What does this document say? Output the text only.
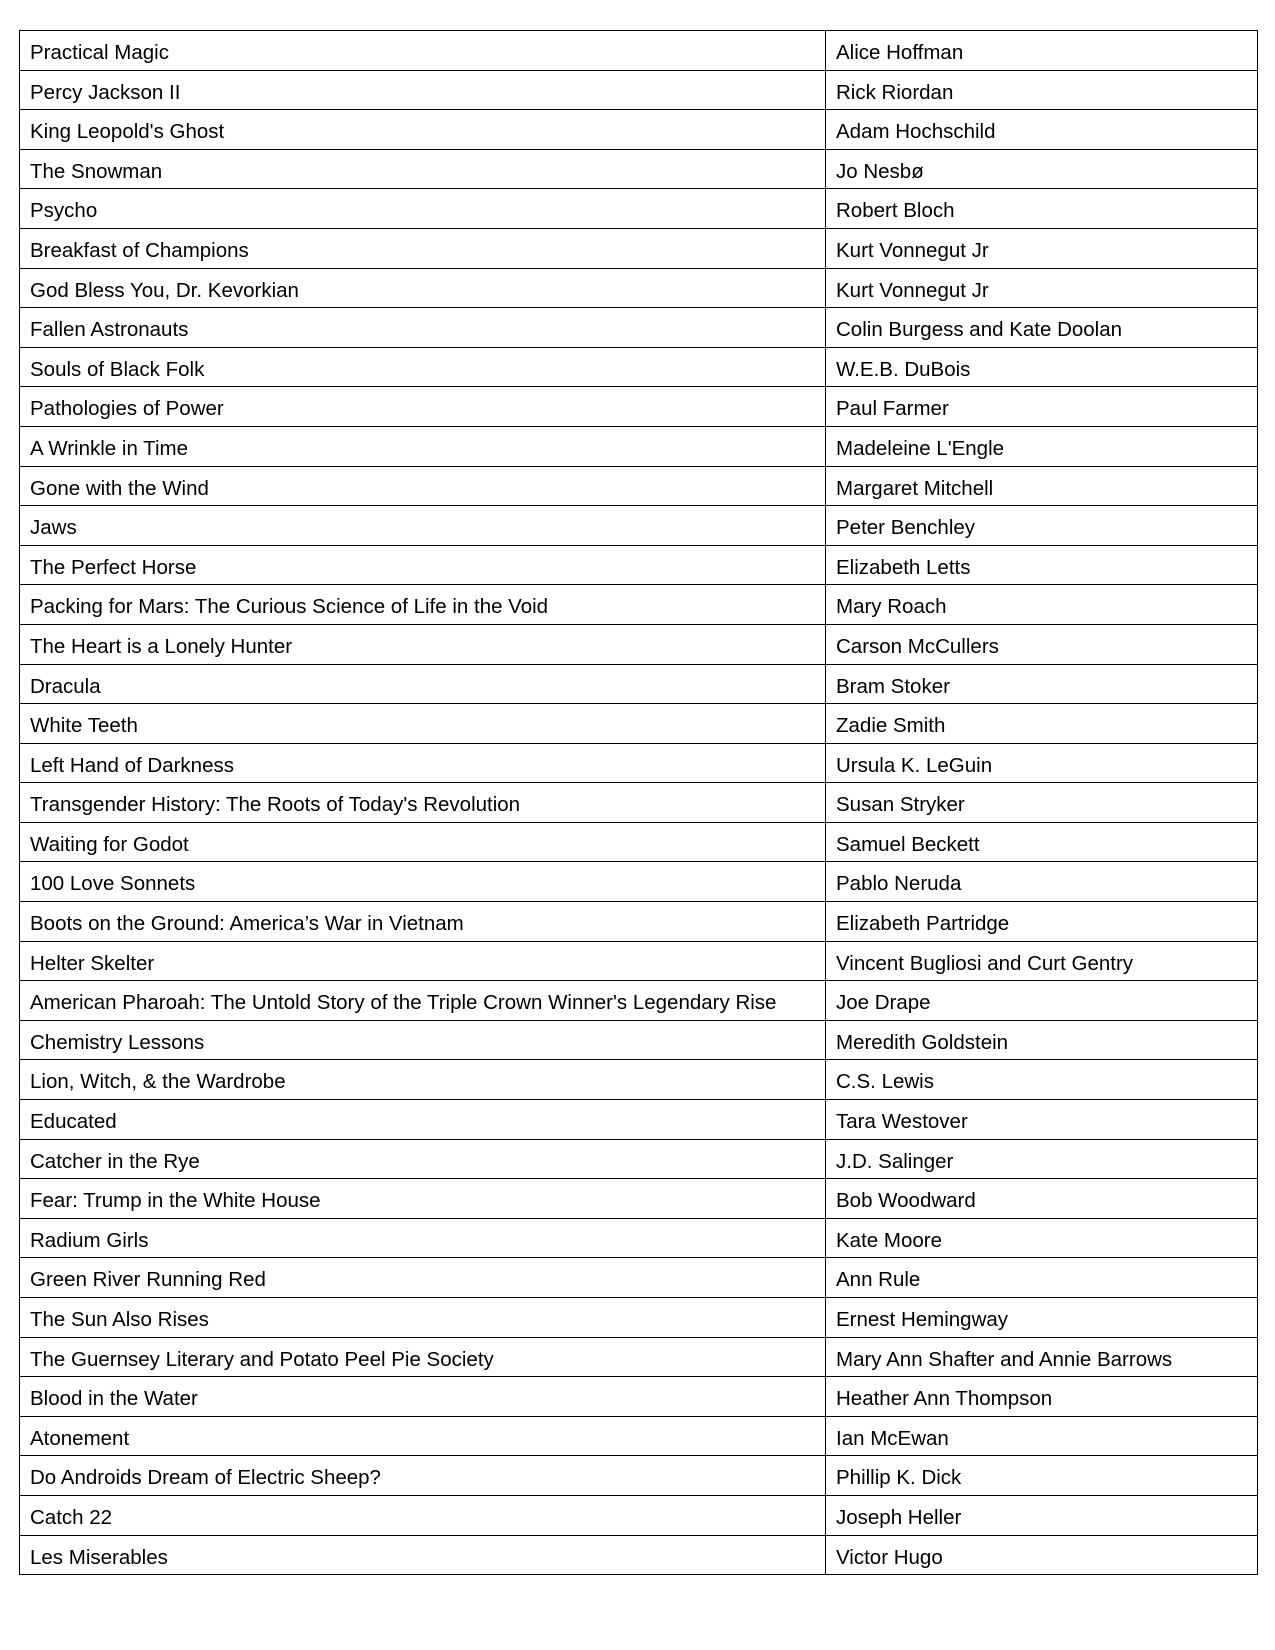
Practical Magic	Alice Hoffman
Percy Jackson II	Rick Riordan
King Leopold's Ghost	Adam Hochschild
The Snowman	Jo Nesbø
Psycho	Robert Bloch
Breakfast of Champions	Kurt Vonnegut Jr
God Bless You, Dr. Kevorkian	Kurt Vonnegut Jr
Fallen Astronauts	Colin Burgess and Kate Doolan
Souls of Black Folk	W.E.B. DuBois
Pathologies of Power	Paul Farmer
A Wrinkle in Time	Madeleine L'Engle
Gone with the Wind	Margaret Mitchell
Jaws	Peter Benchley
The Perfect Horse	Elizabeth Letts
Packing for Mars: The Curious Science of Life in the Void	Mary Roach
The Heart is a Lonely Hunter	Carson McCullers
Dracula	Bram Stoker
White Teeth	Zadie Smith
Left Hand of Darkness	Ursula K. LeGuin
Transgender History: The Roots of Today's Revolution	Susan Stryker
Waiting for Godot	Samuel Beckett
100 Love Sonnets	Pablo Neruda
Boots on the Ground: America’s War in Vietnam	Elizabeth Partridge
Helter Skelter	Vincent Bugliosi and Curt Gentry
American Pharoah: The Untold Story of the Triple Crown Winner's Legendary Rise	Joe Drape
Chemistry Lessons	Meredith Goldstein
Lion, Witch, & the Wardrobe	C.S. Lewis
Educated	Tara Westover
Catcher in the Rye	J.D. Salinger
Fear: Trump in the White House	Bob Woodward
Radium Girls	Kate Moore
Green River Running Red	Ann Rule
The Sun Also Rises	Ernest Hemingway
The Guernsey Literary and Potato Peel Pie Society	Mary Ann Shafter and Annie Barrows
Blood in the Water	Heather Ann Thompson
Atonement	Ian McEwan
Do Androids Dream of Electric Sheep?	Phillip K. Dick
Catch 22	Joseph Heller
Les Miserables	Victor Hugo
